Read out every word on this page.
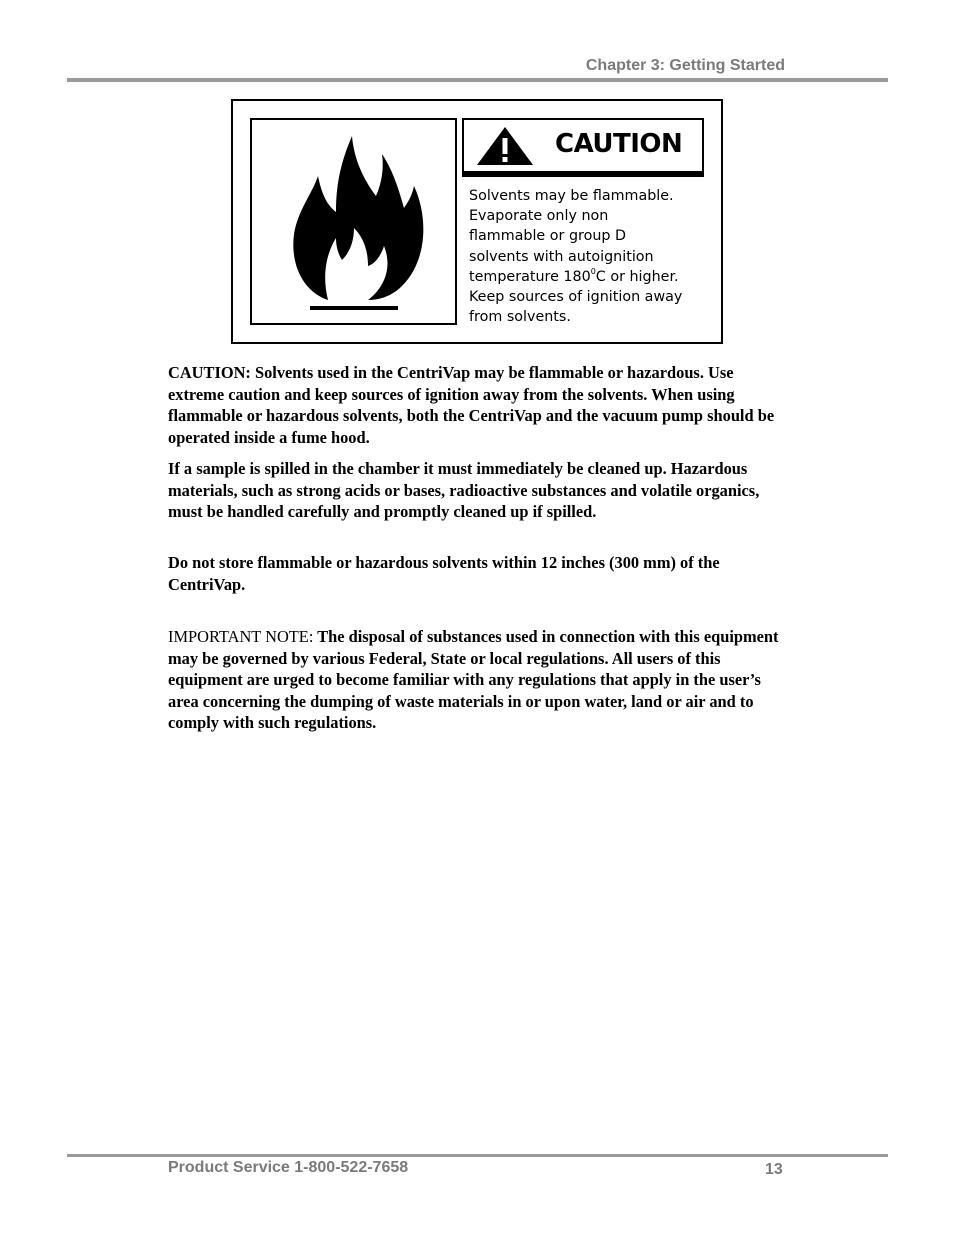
Chapter 3: Getting Started
CAUTION
Solvents may be flammable.
Evaporate only non
flammable or group D
solvents with autoignition
temperature $180^0C$ or higher.
Keep sources of ignition away
from solvents.
CAUTION: Solvents used in the CentriVap may be flammable or hazardous. Use extreme caution and keep sources of ignition away from the solvents. When using flammable or hazardous solvents, both the CentriVap and the vacuum pump should be operated inside a fume hood.
If a sample is spilled in the chamber it must immediately be cleaned up. Hazardous materials, such as strong acids or bases, radioactive substances and volatile organics, must be handled carefully and promptly cleaned up if spilled.
Do not store flammable or hazardous solvents within 12 inches (300 mm) of the CentriVap.
IMPORTANT NOTE: The disposal of substances used in connection with this equipment may be governed by various Federal, State or local regulations. All users of this equipment are urged to become familiar with any regulations that apply in the user’s area concerning the dumping of waste materials in or upon water, land or air and to comply with such regulations.
Product Service 1-800-522-7658	13
